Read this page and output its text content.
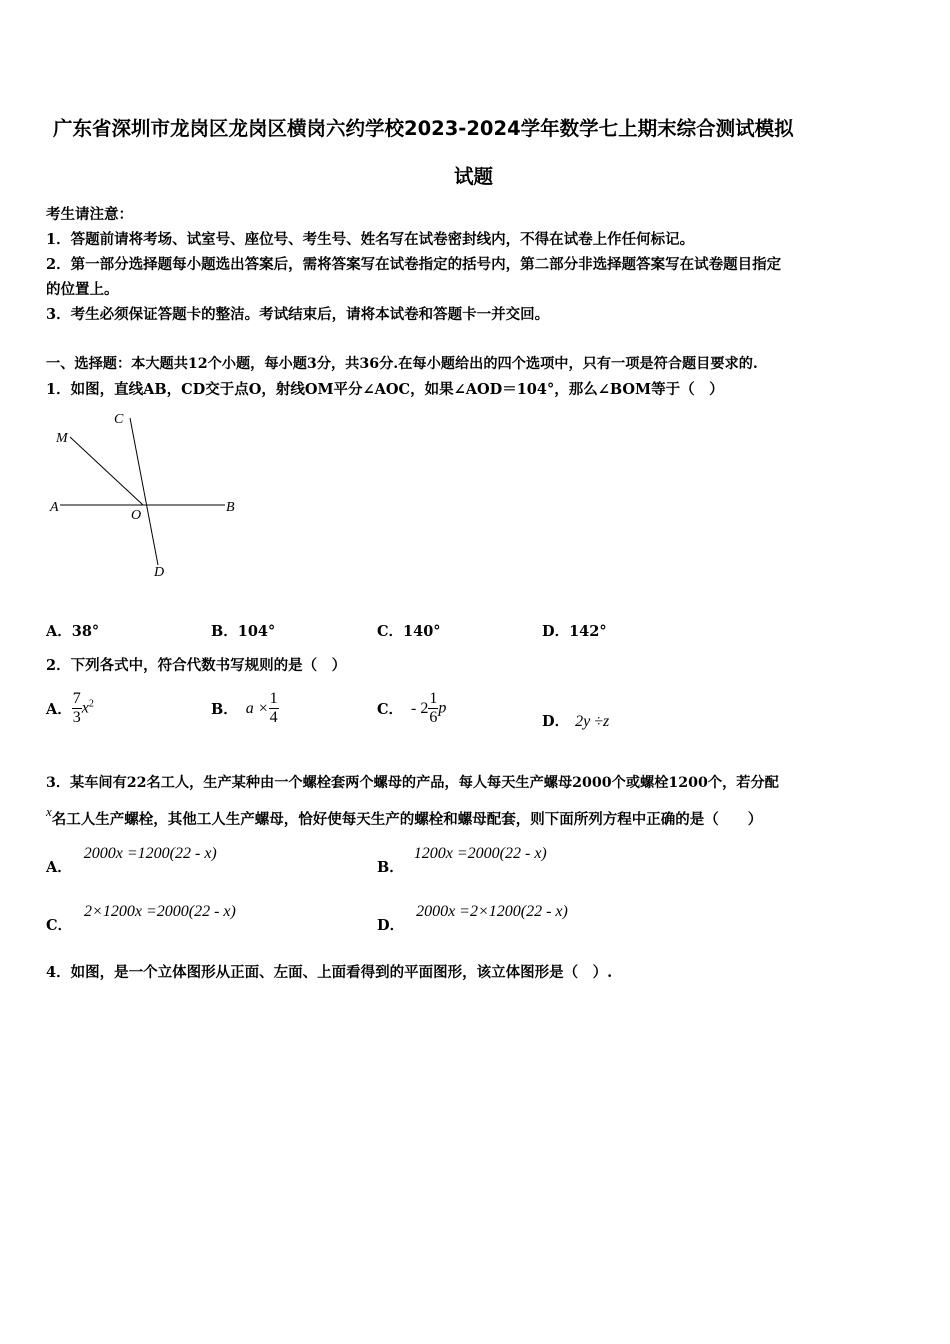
广东省深圳市龙岗区龙岗区横岗六约学校2023-2024学年数学七上期末综合测试模拟
试题
考生请注意：
1．答题前请将考场、试室号、座位号、考生号、姓名写在试卷密封线内，不得在试卷上作任何标记。
2．第一部分选择题每小题选出答案后，需将答案写在试卷指定的括号内，第二部分非选择题答案写在试卷题目指定
的位置上。
3．考生必须保证答题卡的整洁。考试结束后，请将本试卷和答题卡一并交回。
一、选择题：本大题共12个小题，每小题3分，共36分.在每小题给出的四个选项中，只有一项是符合题目要求的.
1．如图，直线AB，CD交于点O，射线OM平分∠AOC，如果∠AOD＝104°，那么∠BOM等于（　）
C
M
A
O
B
D
A．38°	B．104°	C．140°	D．142°
2．下列各式中，符合代数书写规则的是（　）
A． $\frac{7}{3} x^2$	B． $a \times \frac{1}{4}$	C． - $2 \frac{1}{6}$ p
D． 2y ÷z
3．某车间有22名工人，生产某种由一个螺栓套两个螺母的产品，每人每天生产螺母2000个或螺栓1200个，若分配
$^x$名工人生产螺栓，其他工人生产螺母，恰好使每天生产的螺栓和螺母配套，则下面所列方程中正确的是（　　）
A．2000x =1200(22 - x)
B．1200x =2000(22 - x)
C．2×1200x =2000(22 - x)
D．2000x =2×1200(22 - x)
4．如图，是一个立体图形从正面、左面、上面看得到的平面图形，该立体图形是（　）.
